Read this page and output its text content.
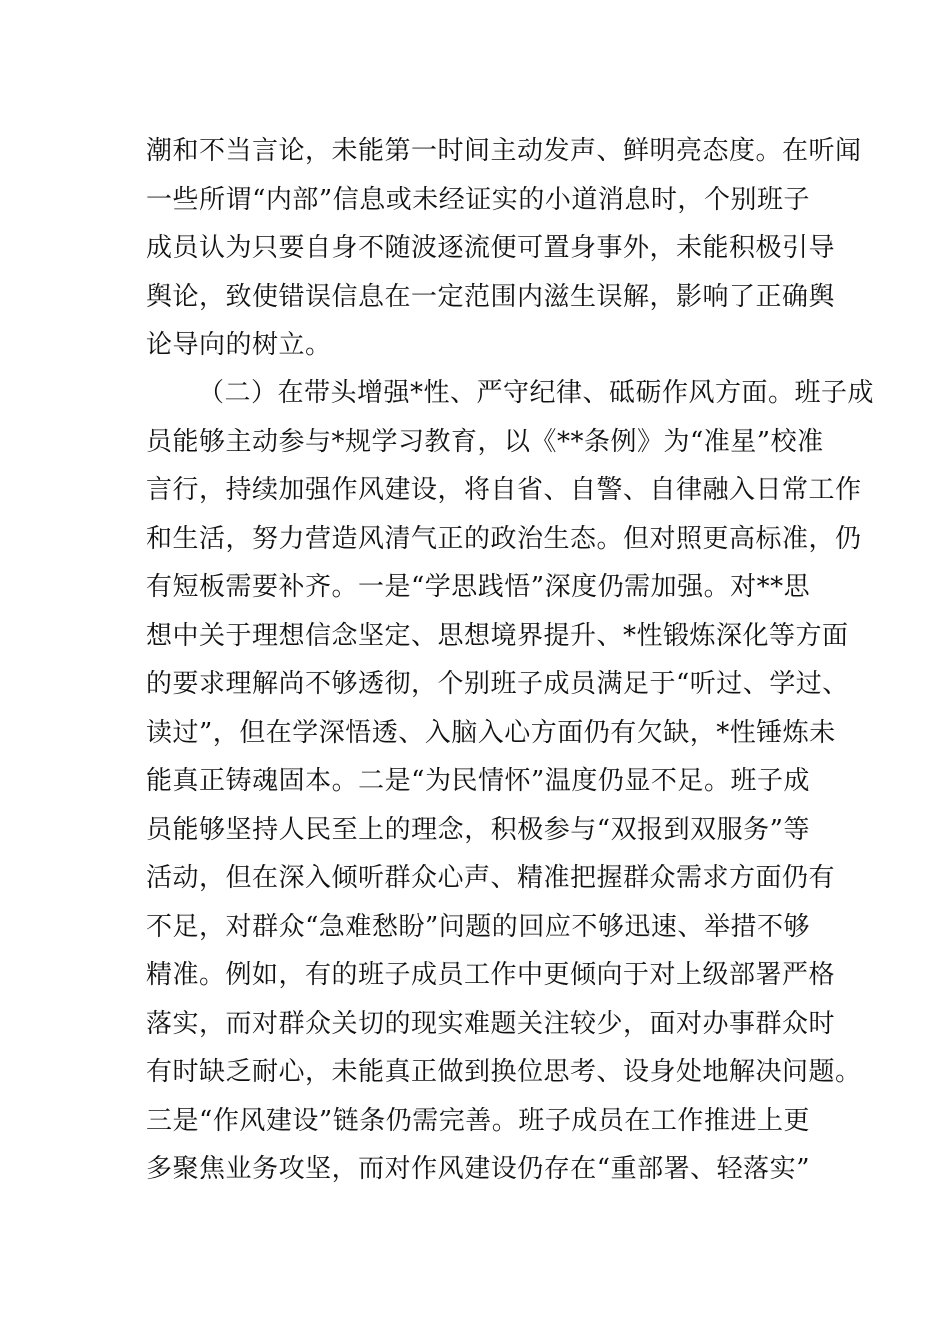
潮和不当言论，未能第一时间主动发声、鲜明亮态度。在听闻
一些所谓“内部”信息或未经证实的小道消息时，个别班子
成员认为只要自身不随波逐流便可置身事外，未能积极引导
舆论，致使错误信息在一定范围内滋生误解，影响了正确舆
论导向的树立。
（二）在带头增强*性、严守纪律、砥砺作风方面。班子成
员能够主动参与*规学习教育，以《**条例》为“准星”校准
言行，持续加强作风建设，将自省、自警、自律融入日常工作
和生活，努力营造风清气正的政治生态。但对照更高标准，仍
有短板需要补齐。一是“学思践悟”深度仍需加强。对**思
想中关于理想信念坚定、思想境界提升、*性锻炼深化等方面
的要求理解尚不够透彻，个别班子成员满足于“听过、学过、
读过”，但在学深悟透、入脑入心方面仍有欠缺，*性锤炼未
能真正铸魂固本。二是“为民情怀”温度仍显不足。班子成
员能够坚持人民至上的理念，积极参与“双报到双服务”等
活动，但在深入倾听群众心声、精准把握群众需求方面仍有
不足，对群众“急难愁盼”问题的回应不够迅速、举措不够
精准。例如，有的班子成员工作中更倾向于对上级部署严格
落实，而对群众关切的现实难题关注较少，面对办事群众时
有时缺乏耐心，未能真正做到换位思考、设身处地解决问题。
三是“作风建设”链条仍需完善。班子成员在工作推进上更
多聚焦业务攻坚，而对作风建设仍存在“重部署、轻落实”
